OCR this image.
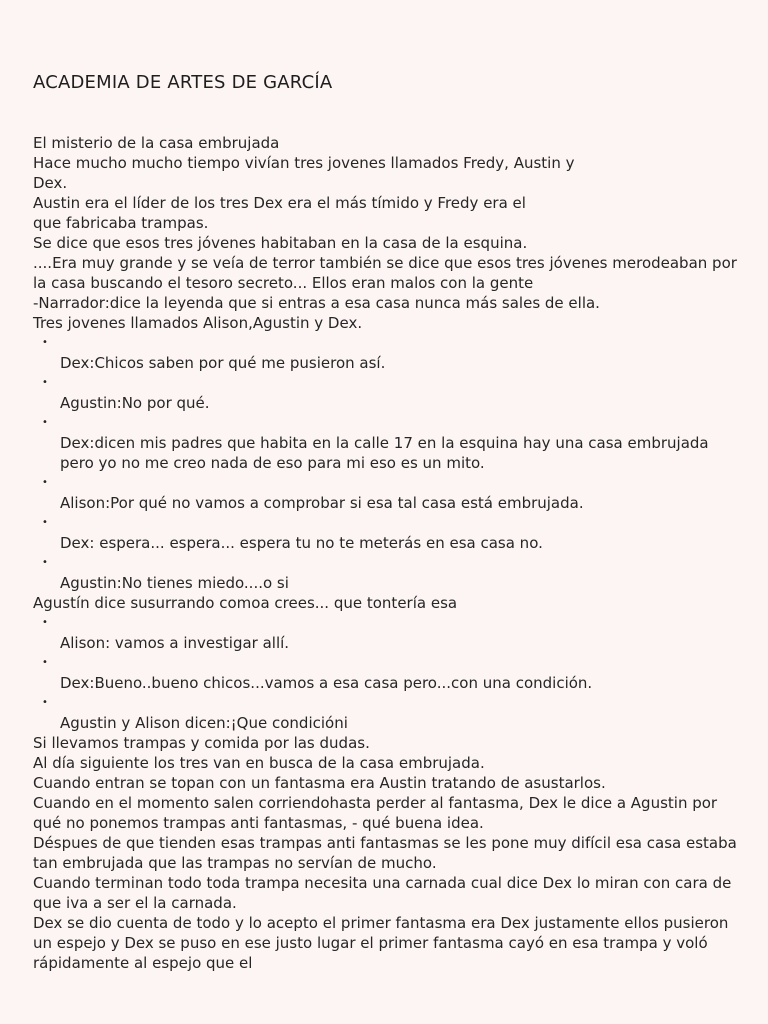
ACADEMIA DE ARTES DE GARCÍA
El misterio de la casa embrujada
Hace mucho mucho tiempo vivían tres jovenes llamados Fredy, Austin y
Dex.
Austin era el líder de los tres Dex era el más tímido y Fredy era el
que fabricaba trampas.
Se dice que esos tres jóvenes habitaban en la casa de la esquina.
....Era muy grande y se veía de terror también se dice que esos tres jóvenes merodeaban por
la casa buscando el tesoro secreto... Ellos eran malos con la gente
-Narrador:dice la leyenda que si entras a esa casa nunca más sales de ella.
Tres jovenes llamados Alison,Agustin y Dex.
•
Dex:Chicos saben por qué me pusieron así.
•
Agustin:No por qué.
•
Dex:dicen mis padres que habita en la calle 17 en la esquina hay una casa embrujada
pero yo no me creo nada de eso para mi eso es un mito.
•
Alison:Por qué no vamos a comprobar si esa tal casa está embrujada.
•
Dex: espera... espera... espera tu no te meterás en esa casa no.
•
Agustin:No tienes miedo....o si
Agustín dice susurrando comoa crees... que tontería esa
•
Alison: vamos a investigar allí.
•
Dex:Bueno..bueno chicos...vamos a esa casa pero...con una condición.
•
Agustin y Alison dicen:¡Que condicióni
Si llevamos trampas y comida por las dudas.
Al día siguiente los tres van en busca de la casa embrujada.
Cuando entran se topan con un fantasma era Austin tratando de asustarlos.
Cuando en el momento salen corriendohasta perder al fantasma, Dex le dice a Agustin por
qué no ponemos trampas anti fantasmas, - qué buena idea.
Déspues de que tienden esas trampas anti fantasmas se les pone muy difícil esa casa estaba
tan embrujada que las trampas no servían de mucho.
Cuando terminan todo toda trampa necesita una carnada cual dice Dex lo miran con cara de
que iva a ser el la carnada.
Dex se dio cuenta de todo y lo acepto el primer fantasma era Dex justamente ellos pusieron
un espejo y Dex se puso en ese justo lugar el primer fantasma cayó en esa trampa y voló
rápidamente al espejo que el
